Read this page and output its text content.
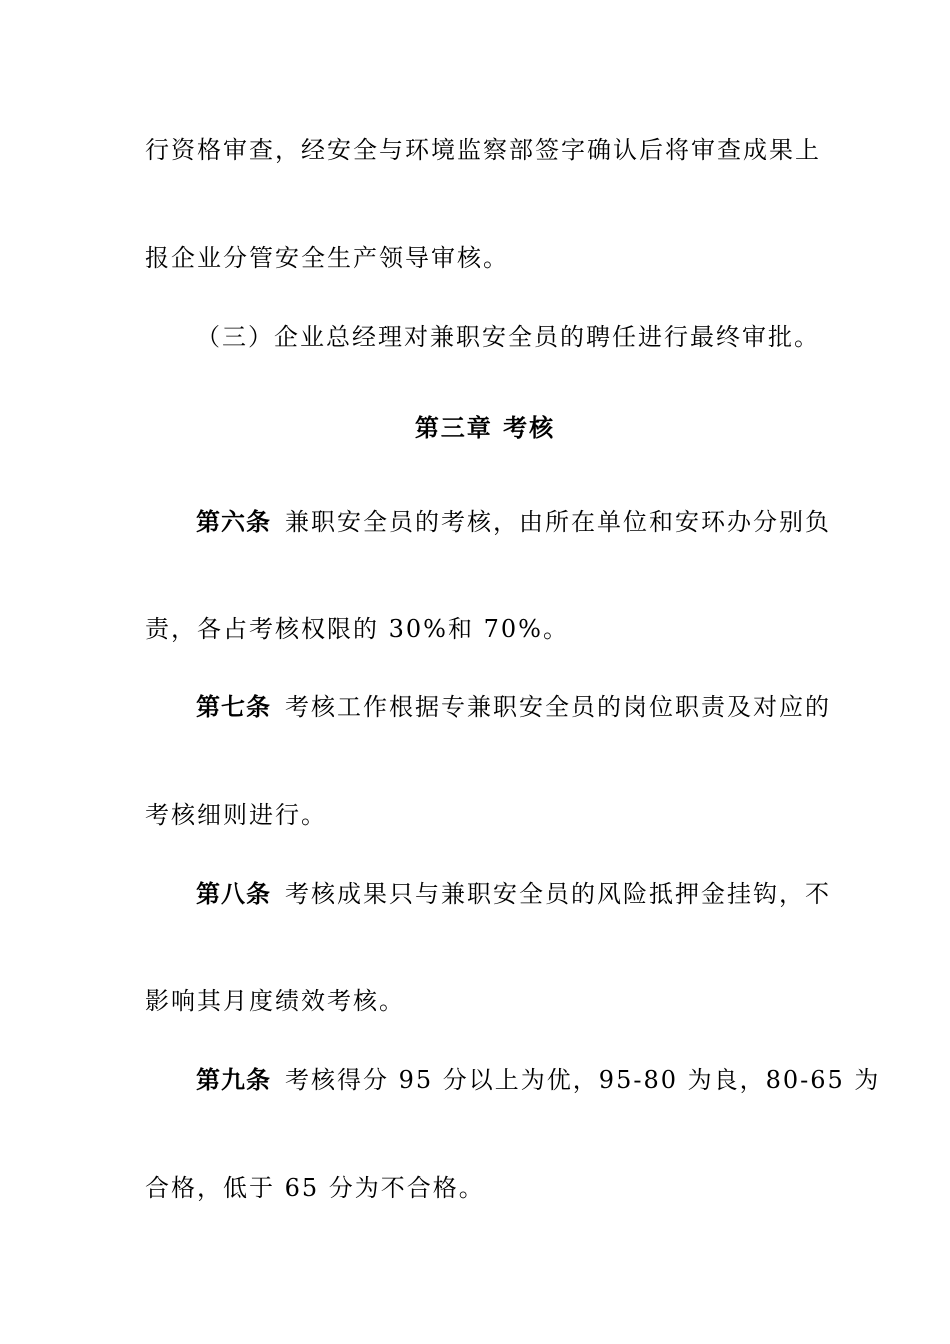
行资格审查，经安全与环境监察部签字确认后将审查成果上
报企业分管安全生产领导审核。
（三）企业总经理对兼职安全员的聘任进行最终审批。
第三章 考核
第六条 兼职安全员的考核，由所在单位和安环办分别负
责，各占考核权限的 30%和 70%。
第七条 考核工作根据专兼职安全员的岗位职责及对应的
考核细则进行。
第八条 考核成果只与兼职安全员的风险抵押金挂钩，不
影响其月度绩效考核。
第九条 考核得分 95 分以上为优，95-80 为良，80-65 为
合格，低于 65 分为不合格。
